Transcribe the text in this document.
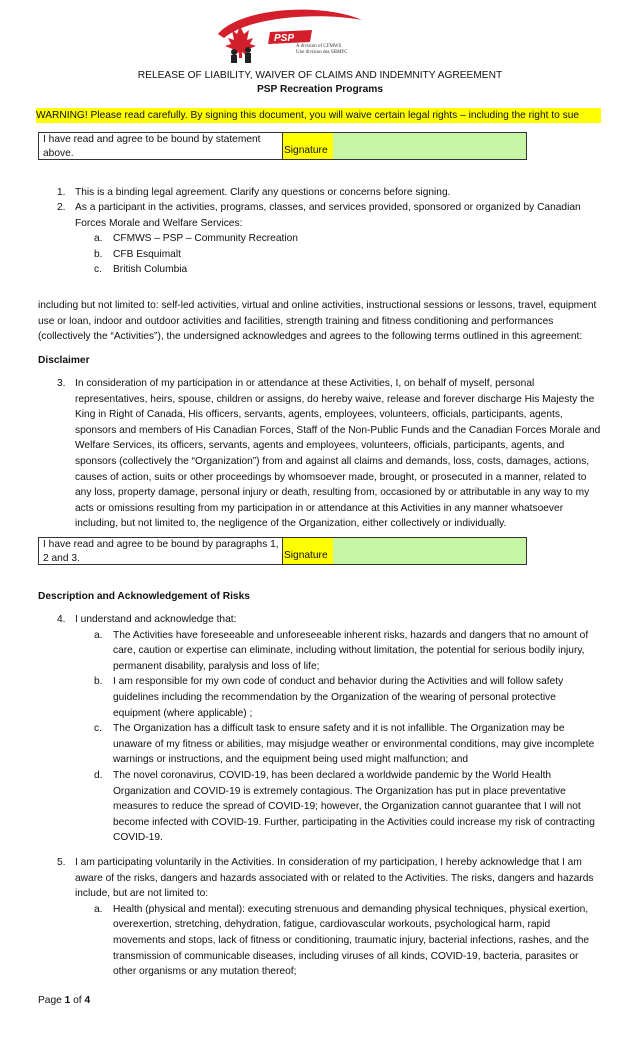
PSP
A division of CFMWS
Une division des SBMFC
RELEASE OF LIABILITY, WAIVER OF CLAIMS AND INDEMNITY AGREEMENT
PSP Recreation Programs
WARNING! Please read carefully. By signing this document, you will waive certain legal rights – including the right to sue
I have read and agree to be bound by statement above.	Signature
1. This is a binding legal agreement. Clarify any questions or concerns before signing.

2. As a participant in the activities, programs, classes, and services provided, sponsored or organized by Canadian Forces Morale and Welfare Services:

a. CFMWS – PSP – Community Recreation

b. CFB Esquimalt

c. British Columbia

including but not limited to: self-led activities, virtual and online activities, instructional sessions or lessons, travel, equipment use or loan, indoor and outdoor activities and facilities, strength training and fitness conditioning and performances (collectively the “Activities”), the undersigned acknowledges and agrees to the following terms outlined in this agreement:

Disclaimer
3. In consideration of my participation in or attendance at these Activities, I, on behalf of myself, personal representatives, heirs, spouse, children or assigns, do hereby waive, release and forever discharge His Majesty the King in Right of Canada, His officers, servants, agents, employees, volunteers, officials, participants, agents, sponsors and members of His Canadian Forces, Staff of the Non-Public Funds and the Canadian Forces Morale and Welfare Services, its officers, servants, agents and employees, volunteers, officials, participants, agents, and sponsors (collectively the “Organization”) from and against all claims and demands, loss, costs, damages, actions, causes of action, suits or other proceedings by whomsoever made, brought, or prosecuted in a manner, related to any loss, property damage, personal injury or death, resulting from, occasioned by or attributable in any way to my acts or omissions resulting from my participation in or attendance at this Activities in any manner whatsoever including, but not limited to, the negligence of the Organization, either collectively or individually.

I have read and agree to be bound by paragraphs 1, 2 and 3.	Signature
Description and Acknowledgement of Risks
4. I understand and acknowledge that:

a. The Activities have foreseeable and unforeseeable inherent risks, hazards and dangers that no amount of care, caution or expertise can eliminate, including without limitation, the potential for serious bodily injury, permanent disability, paralysis and loss of life;

b. I am responsible for my own code of conduct and behavior during the Activities and will follow safety guidelines including the recommendation by the Organization of the wearing of personal protective equipment (where applicable) ;

c. The Organization has a difficult task to ensure safety and it is not infallible. The Organization may be unaware of my fitness or abilities, may misjudge weather or environmental conditions, may give incomplete warnings or instructions, and the equipment being used might malfunction; and

d. The novel coronavirus, COVID-19, has been declared a worldwide pandemic by the World Health Organization and COVID-19 is extremely contagious. The Organization has put in place preventative measures to reduce the spread of COVID-19; however, the Organization cannot guarantee that I will not become infected with COVID-19. Further, participating in the Activities could increase my risk of contracting COVID-19.

5. I am participating voluntarily in the Activities. In consideration of my participation, I hereby acknowledge that I am aware of the risks, dangers and hazards associated with or related to the Activities. The risks, dangers and hazards include, but are not limited to:

a. Health (physical and mental): executing strenuous and demanding physical techniques, physical exertion, overexertion, stretching, dehydration, fatigue, cardiovascular workouts, psychological harm, rapid movements and stops, lack of fitness or conditioning, traumatic injury, bacterial infections, rashes, and the transmission of communicable diseases, including viruses of all kinds, COVID-19, bacteria, parasites or other organisms or any mutation thereof;

Page 1 of 4
